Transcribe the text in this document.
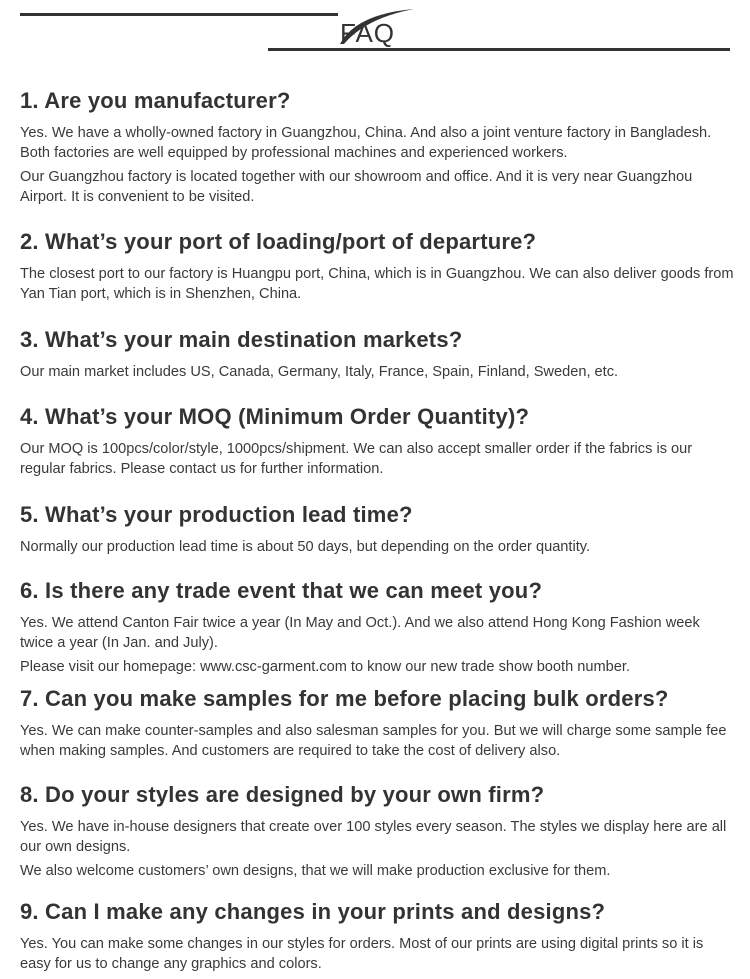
FAQ
1. Are you manufacturer?

Yes. We have a wholly-owned factory in Guangzhou, China. And also a joint venture factory in Bangladesh. Both factories are well equipped by professional machines and experienced workers.

Our Guangzhou factory is located together with our showroom and office. And it is very near Guangzhou Airport. It is convenient to be visited.

2. What’s your port of loading/port of departure?

The closest port to our factory is Huangpu port, China, which is in Guangzhou. We can also deliver goods from Yan Tian port, which is in Shenzhen, China.

3. What’s your main destination markets?

Our main market includes US, Canada, Germany, Italy, France, Spain, Finland, Sweden, etc.

4. What’s your MOQ (Minimum Order Quantity)?

Our MOQ is 100pcs/color/style, 1000pcs/shipment. We can also accept smaller order if the fabrics is our regular fabrics. Please contact us for further information.

5. What’s your production lead time?

Normally our production lead time is about 50 days, but depending on the order quantity.

6. Is there any trade event that we can meet you?

Yes. We attend Canton Fair twice a year (In May and Oct.). And we also attend Hong Kong Fashion week twice a year (In Jan. and July).

Please visit our homepage: www.csc-garment.com to know our new trade show booth number.

7. Can you make samples for me before placing bulk orders?

Yes. We can make counter-samples and also salesman samples for you. But we will charge some sample fee when making samples. And customers are required to take the cost of delivery also.

8. Do your styles are designed by your own firm?

Yes. We have in-house designers that create over 100 styles every season. The styles we display here are all our own designs.

We also welcome customers’ own designs, that we will make production exclusive for them.

9. Can I make any changes in your prints and designs?

Yes. You can make some changes in our styles for orders. Most of our prints are using digital prints so it is easy for us to change any graphics and colors.
